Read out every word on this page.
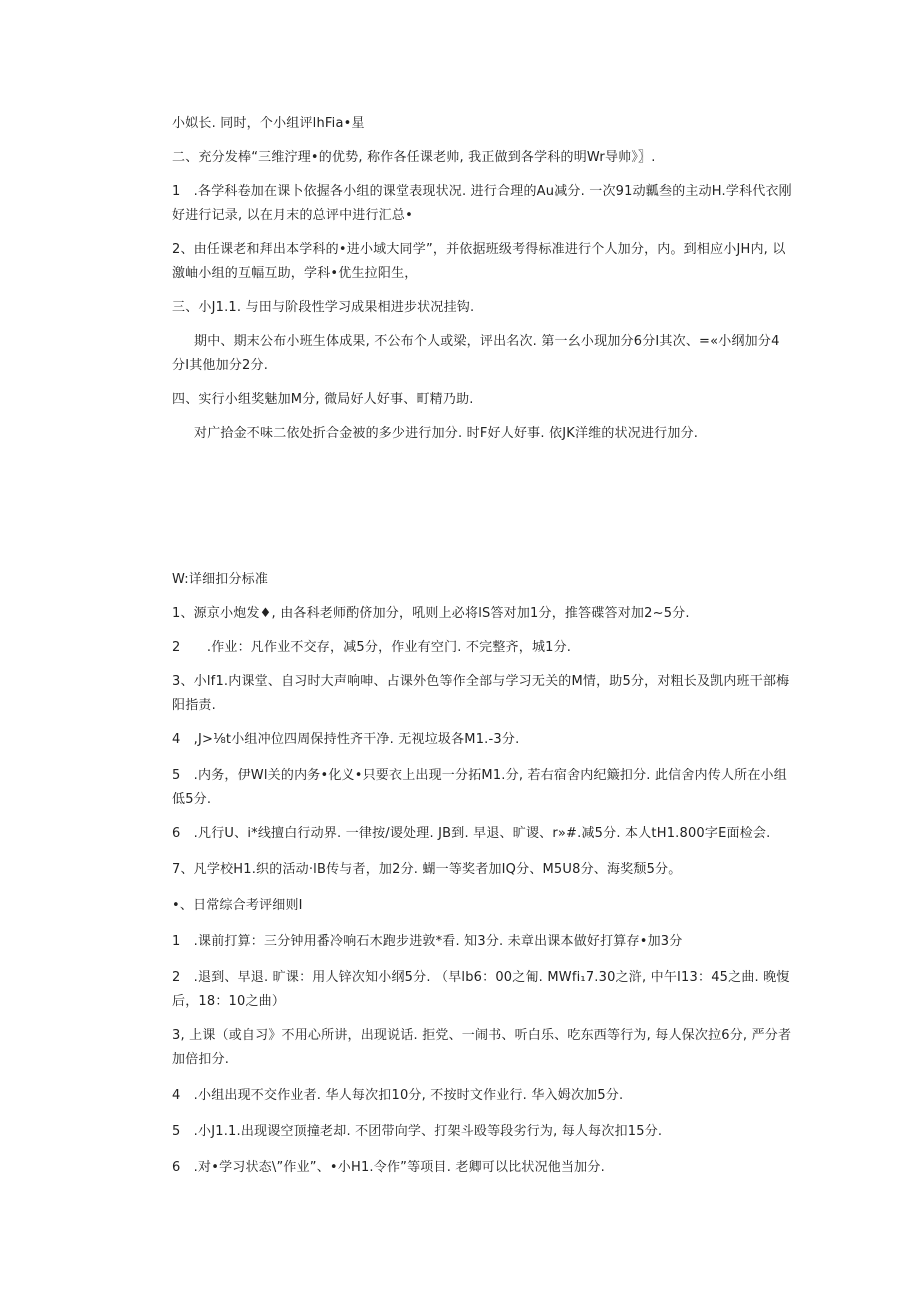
小姒长. 同时，个小组评lhFia•星

二、充分发棒“三维泞理•的优势, 称作各任课老帅, 我正做到各学科的明Wr导帅》〗.

1　.各学科卷加在课卜依握各小组的课堂表现状况. 进行合理的Au减分. 一次91动瓤叁的主动H.学科代衣刚好进行记录, 以在月末的总评中进行汇总•

2、由任课老和拜出本学科的•进小域大同学”，并依据班级考得标准进行个人加分，内。到相应小JH内, 以激岫小组的互幅互助，学科•优生拉阳生，

三、小J1.1. 与田与阶段性学习成果相进步状况挂钩.

期中、期末公布小班生体成果, 不公布个人或梁，评出名次. 第一幺小现加分6分I其次、=«小纲加分4分I其他加分2分.

四、实行小组奖魅加M分, 微局好人好事、町精乃助.

对广拾金不味二依处折合金被的多少进行加分. 时F好人好事. 依JK洋维的状况进行加分.

W:详细扣分标准

1、源京小炮发♦, 由各科老师酌侪加分，吼则上必将lS答对加1分，推答碟答对加2~5分.

2　　.作业：凡作业不交存，减5分，作业有空门. 不完整齐，城1分.

3、小lf1.内课堂、自习时大声响呻、占课外色等作全部与学习无关的M情，助5分，对粗长及凯内班干部梅阳指责.

4　,J>⅛t小组冲位四周保持性齐干净. 无视垃圾各M1.-3分.

5　.内务，伊Wl关的内务•化义•只要衣上出现一分拓M1.分, 若右宿舍内纪簸扣分. 此信舍内传人所在小组低5分.

6　.凡行U、i*线擅白行动界. 一律按/谡处理. JB到. 早退、旷谡、r»#.减5分. 本人tH1.800字E面检会.

7、凡学校H1.织的活动·lB传与者，加2分. 蝴一等奖者加IQ分、M5U8分、海奖颓5分。

•、日常综合考评细则I

1　.课前打算：三分钟用番冷响石木跑步进敦*看. 知3分. 未章出课本做好打算存•加3分

2　.退到、早退. 旷课：用人锌次知小纲5分. （早lb6：00之匍. MWfi₁7.30之浒, 中午I13：45之曲. 晚愎后，18：10之曲）

3, 上课（或自习》不用心所讲，出现说话. 拒党、一闹书、听白乐、吃东西等行为, 每人保次拉6分, 严分者加倍扣分.

4　.小组出现不交作业者. 华人每次扣10分, 不按时文作业行. 华入姆次加5分.

5　.小J1.1.出现谡空顶撞老却. 不团带向学、打架斗殴等段劣行为, 每人每次扣15分.

6　.对•学习状态\”作业”、•小H1.令作”等项目. 老卿可以比状况他当加分.
